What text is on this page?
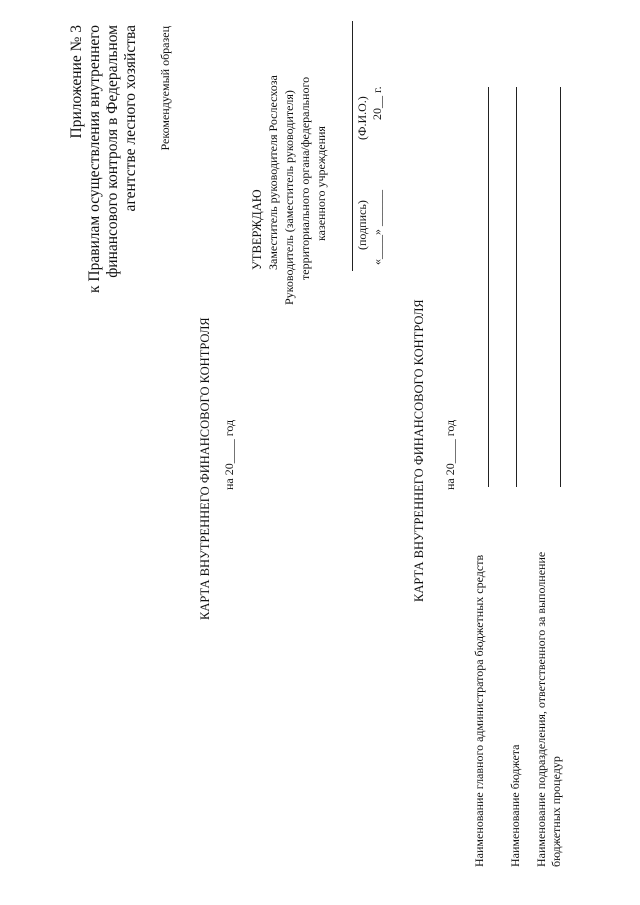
Приложение № 3 к Правилам осуществления внутреннего финансового контроля в Федеральном агентстве лесного хозяйства Рекомендуемый образец
УТВЕРЖДАЮ Заместитель руководителя Рослесхоза Руководитель (заместитель руководителя) территориального органа/федерального казенного учреждения (подпись)
(Ф.И.О.)
«____» ______
20__ г.
КАРТА ВНУТРЕННЕГО ФИНАНСОВОГО КОНТРОЛЯ на 20____ год	КАРТА ВНУТРЕННЕГО ФИНАНСОВОГО КОНТРОЛЯ на 20____ год
Наименование главного администратора бюджетных средств Наименование бюджета Наименование подразделения, ответственного за выполнение бюджетных процедур
